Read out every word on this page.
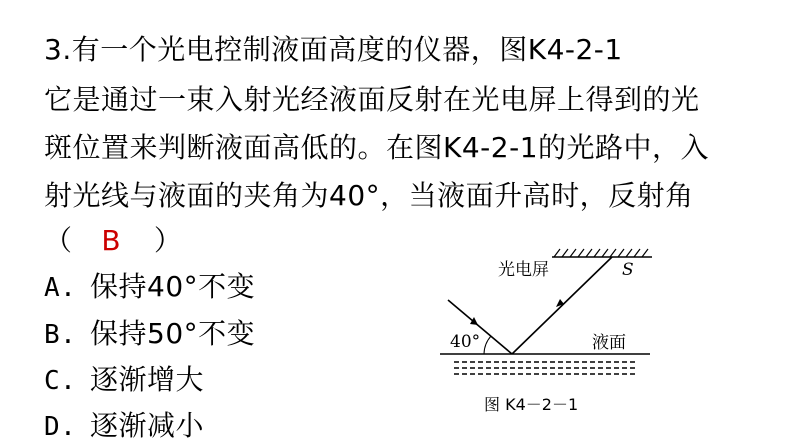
3.有一个光电控制液面高度的仪器，图K4-2-1
它是通过一束入射光经液面反射在光电屏上得到的光
斑位置来判断液面高低的。在图K4-2-1的光路中，入
射光线与液面的夹角为40°，当液面升高时，反射角
（ B ）
A. 保持40°不变
B. 保持50°不变
C. 逐渐增大
D. 逐渐减小
光电屏	S
40°	液面
图 K4－2－1
